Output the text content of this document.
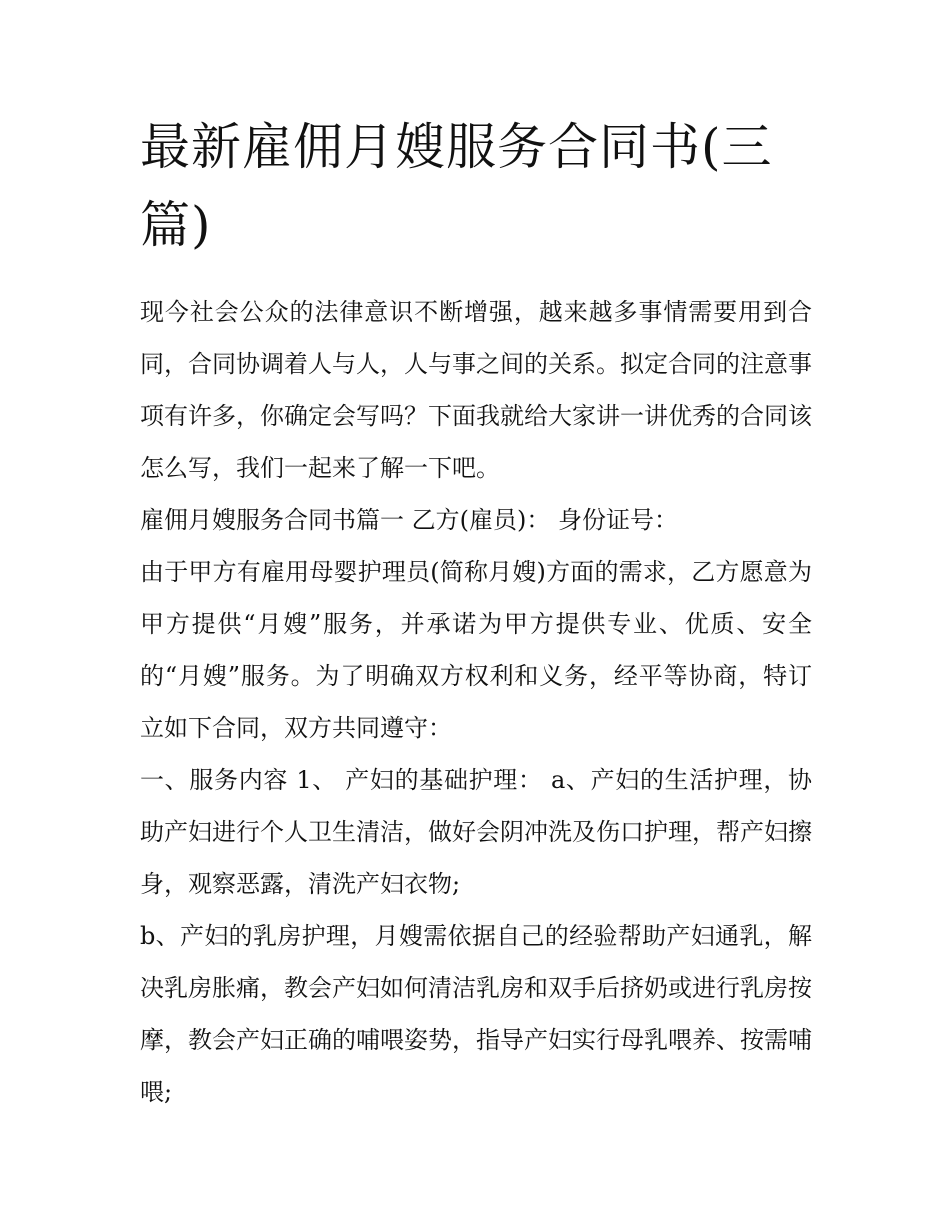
最新雇佣月嫂服务合同书(三篇)

现今社会公众的法律意识不断增强，越来越多事情需要用到合同，合同协调着人与人，人与事之间的关系。拟定合同的注意事项有许多，你确定会写吗？下面我就给大家讲一讲优秀的合同该怎么写，我们一起来了解一下吧。

雇佣月嫂服务合同书篇一 乙方(雇员)： 身份证号：

由于甲方有雇用母婴护理员(简称月嫂)方面的需求，乙方愿意为甲方提供“月嫂”服务，并承诺为甲方提供专业、优质、安全的“月嫂”服务。为了明确双方权利和义务，经平等协商，特订立如下合同，双方共同遵守：

一、服务内容 1、 产妇的基础护理： a、产妇的生活护理，协助产妇进行个人卫生清洁，做好会阴冲洗及伤口护理，帮产妇擦身，观察恶露，清洗产妇衣物;

b、产妇的乳房护理，月嫂需依据自己的经验帮助产妇通乳，解决乳房胀痛，教会产妇如何清洁乳房和双手后挤奶或进行乳房按摩，教会产妇正确的哺喂姿势，指导产妇实行母乳喂养、按需哺喂;
